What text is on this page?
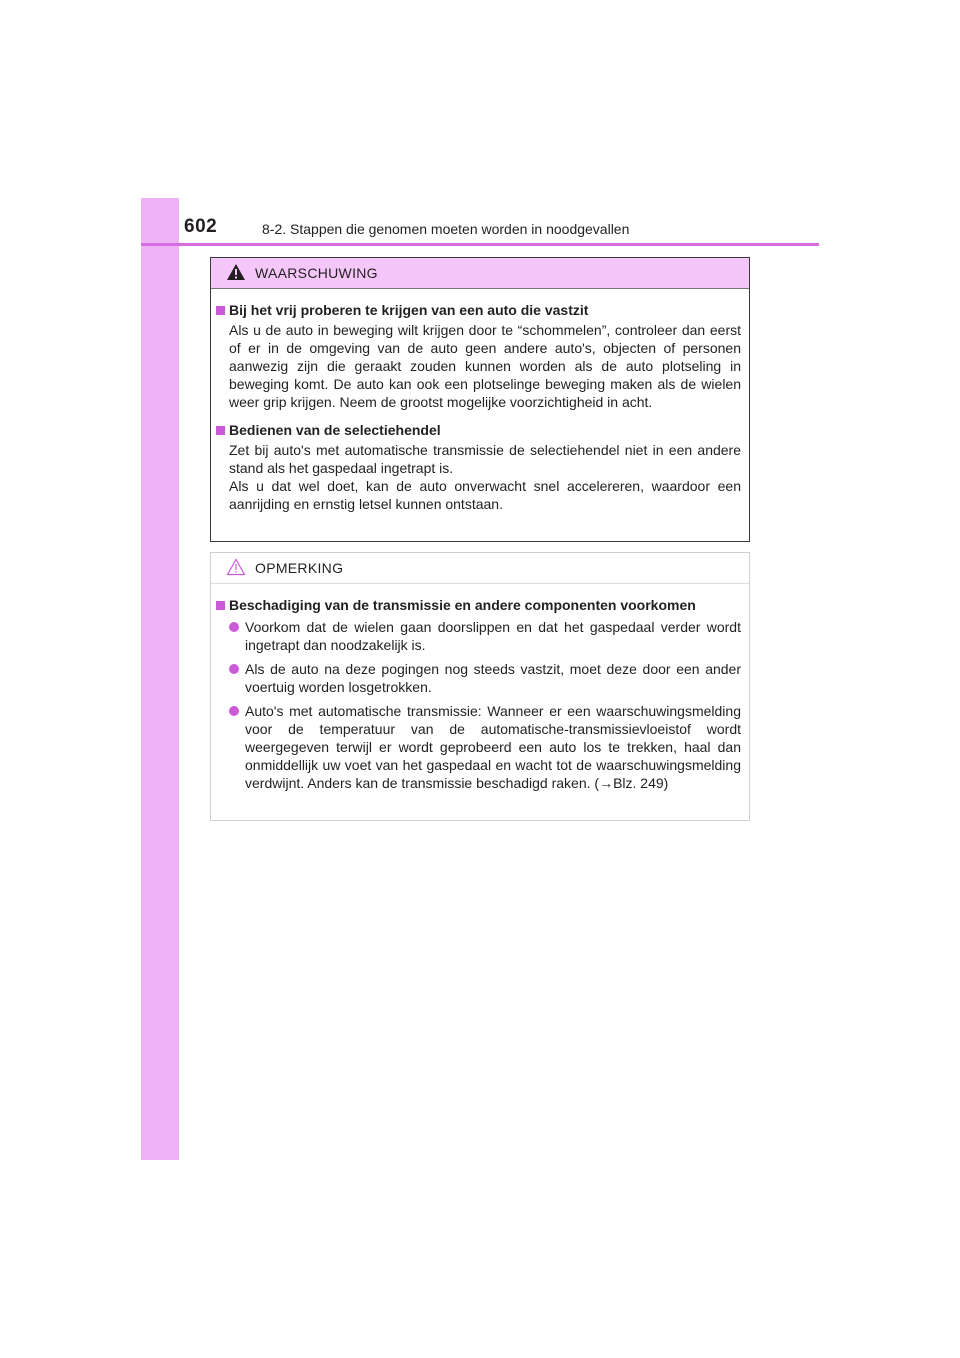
602	8-2. Stappen die genomen moeten worden in noodgevallen
WAARSCHUWING
Bij het vrij proberen te krijgen van een auto die vastzit

Als u de auto in beweging wilt krijgen door te “schommelen”, controleer dan eerst of er in de omgeving van de auto geen andere auto's, objecten of personen aanwezig zijn die geraakt zouden kunnen worden als de auto plotseling in beweging komt. De auto kan ook een plotselinge beweging maken als de wielen weer grip krijgen. Neem de grootst mogelijke voorzichtigheid in acht.

Bedienen van de selectiehendel

Zet bij auto's met automatische transmissie de selectiehendel niet in een andere stand als het gaspedaal ingetrapt is.

Als u dat wel doet, kan de auto onverwacht snel accelereren, waardoor een aanrijding en ernstig letsel kunnen ontstaan.

OPMERKING
Beschadiging van de transmissie en andere componenten voorkomen
Voorkom dat de wielen gaan doorslippen en dat het gaspedaal verder wordt ingetrapt dan noodzakelijk is.
Als de auto na deze pogingen nog steeds vastzit, moet deze door een ander voertuig worden losgetrokken.
Auto's met automatische transmissie: Wanneer er een waarschuwingsmelding voor de temperatuur van de automatische-transmissievloeistof wordt weergegeven terwijl er wordt geprobeerd een auto los te trekken, haal dan onmiddellijk uw voet van het gaspedaal en wacht tot de waarschuwingsmelding verdwijnt. Anders kan de transmissie beschadigd raken. (→Blz. 249)
